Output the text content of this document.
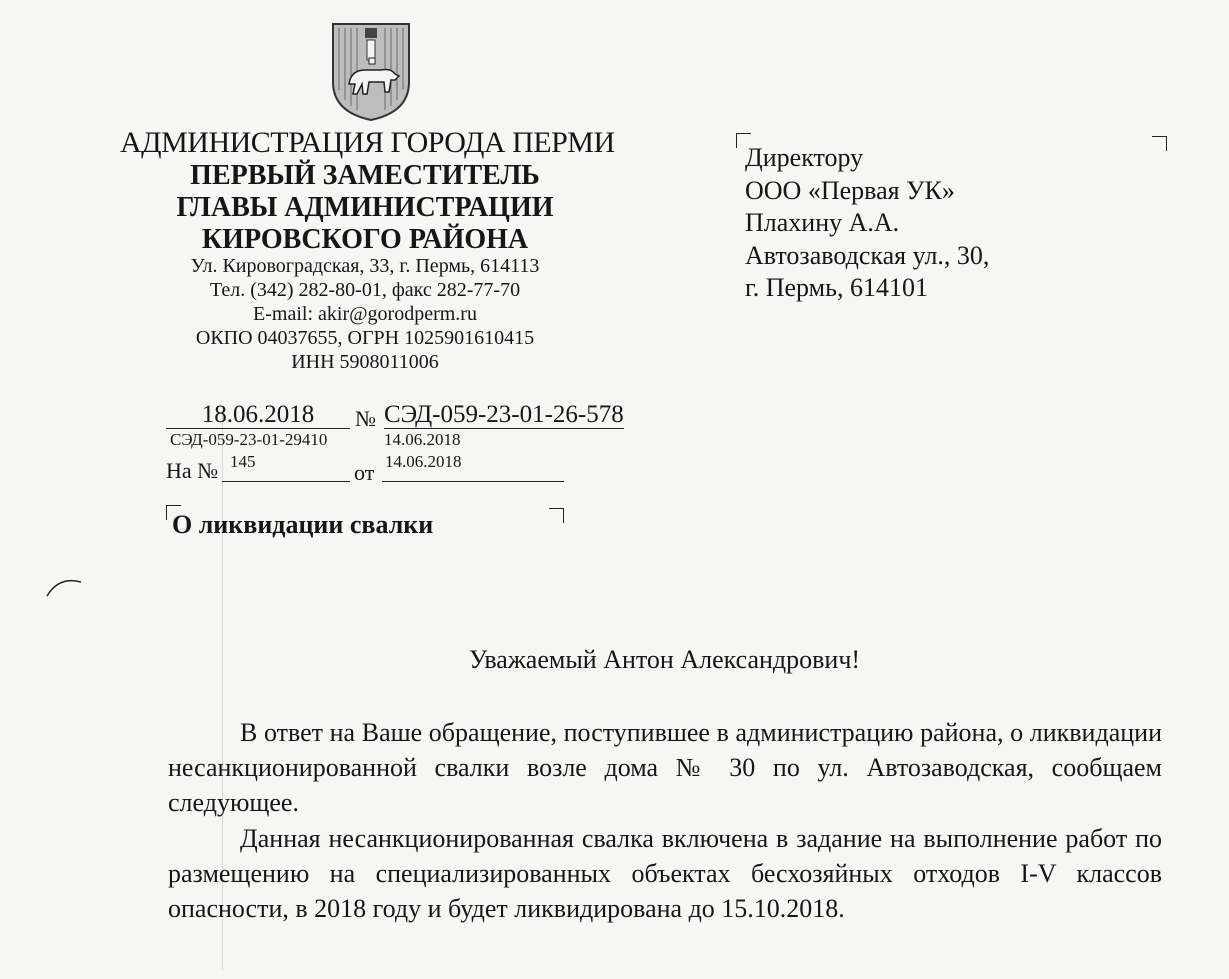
АДМИНИСТРАЦИЯ ГОРОДА ПЕРМИ
ПЕРВЫЙ ЗАМЕСТИТЕЛЬ
ГЛАВЫ АДМИНИСТРАЦИИ
КИРОВСКОГО РАЙОНА
Ул. Кировоградская, 33, г. Пермь, 614113
Тел. (342) 282-80-01, факс 282-77-70
E-mail: akir@gorodperm.ru
ОКПО 04037655, ОГРН 1025901610415
ИНН 5908011006
Директору
ООО «Первая УК»
Плахину А.А.
Автозаводская ул., 30,
г. Пермь, 614101
18.06.2018	№ СЭД-059-23-01-26-578
СЭД-059-23-01-29410	14.06.2018
На № 145	от 14.06.2018
О ликвидации свалки
Уважаемый Антон Александрович!
В ответ на Ваше обращение, поступившее в администрацию района, о ликвидации несанкционированной свалки возле дома № 30 по ул. Автозаводская, сообщаем следующее.
Данная несанкционированная свалка включена в задание на выполнение работ по размещению на специализированных объектах бесхозяйных отходов I-V классов опасности, в 2018 году и будет ликвидирована до 15.10.2018.
